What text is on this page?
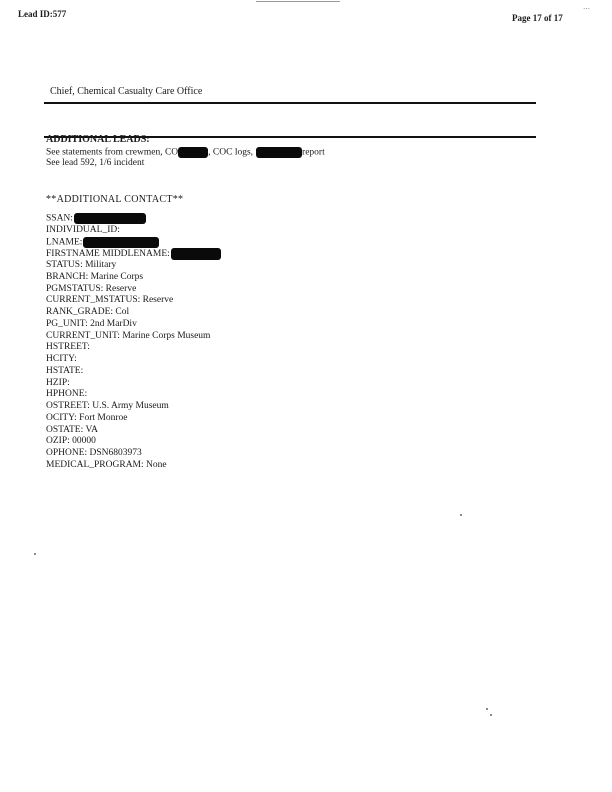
Lead ID:577	Page 17 of 17
…
Chief, Chemical Casualty Care Office
ADDITIONAL LEADS:
See statements from crewmen, CO	, COC logs,	report
See lead 592, 1/6 incident
**ADDITIONAL CONTACT**
SSAN:
INDIVIDUAL_ID:
LNAME:
FIRSTNAME MIDDLENAME:
STATUS: Military
BRANCH: Marine Corps
PGMSTATUS: Reserve
CURRENT_MSTATUS: Reserve
RANK_GRADE: Col
PG_UNIT: 2nd MarDiv
CURRENT_UNIT: Marine Corps Museum
HSTREET:
HCITY:
HSTATE:
HZIP:
HPHONE:
OSTREET: U.S. Army Museum
OCITY: Fort Monroe
OSTATE: VA
OZIP: 00000
OPHONE: DSN6803973
MEDICAL_PROGRAM: None
